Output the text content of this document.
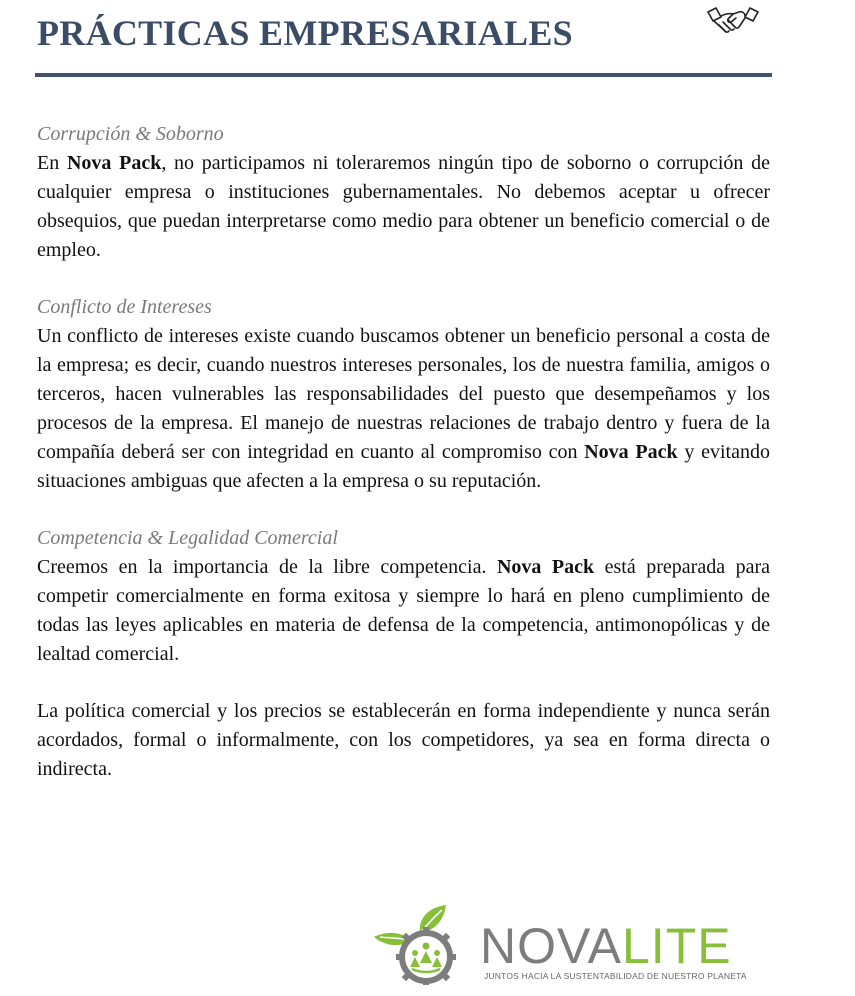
PRÁCTICAS EMPRESARIALES
Corrupción & Soborno

En Nova Pack, no participamos ni toleraremos ningún tipo de soborno o corrupción de cualquier empresa o instituciones gubernamentales. No debemos aceptar u ofrecer obsequios, que puedan interpretarse como medio para obtener un beneficio comercial o de empleo.

Conflicto de Intereses

Un conflicto de intereses existe cuando buscamos obtener un beneficio personal a costa de la empresa; es decir, cuando nuestros intereses personales, los de nuestra familia, amigos o terceros, hacen vulnerables las responsabilidades del puesto que desempeñamos y los procesos de la empresa. El manejo de nuestras relaciones de trabajo dentro y fuera de la compañía deberá ser con integridad en cuanto al compromiso con Nova Pack y evitando situaciones ambiguas que afecten a la empresa o su reputación.

Competencia & Legalidad Comercial

Creemos en la importancia de la libre competencia. Nova Pack está preparada para competir comercialmente en forma exitosa y siempre lo hará en pleno cumplimiento de todas las leyes aplicables en materia de defensa de la competencia, antimonopólicas y de lealtad comercial.

La política comercial y los precios se establecerán en forma independiente y nunca serán acordados, formal o informalmente, con los competidores, ya sea en forma directa o indirecta.

NOVALITE
JUNTOS HACIA LA SUSTENTABILIDAD DE NUESTRO PLANETA
